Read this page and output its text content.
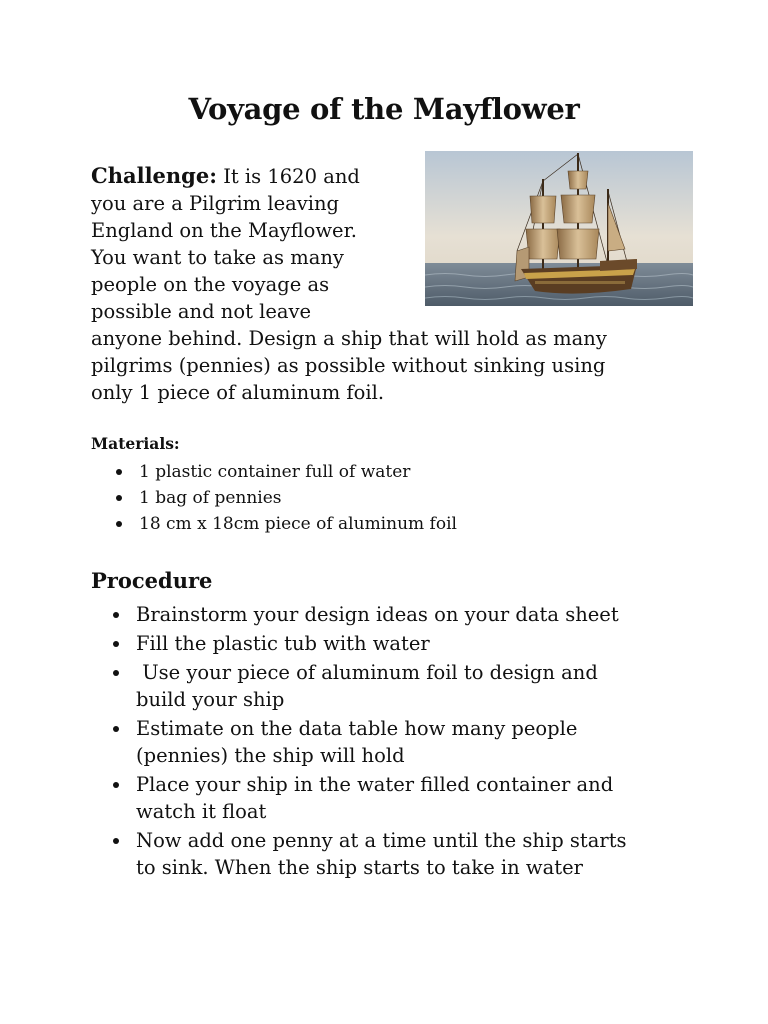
Voyage of the Mayflower
Challenge: It is 1620 and
you are a Pilgrim leaving
England on the Mayflower.
You want to take as many
people on the voyage as
possible and not leave
anyone behind. Design a ship that will hold as many
pilgrims (pennies) as possible without sinking using
only 1 piece of aluminum foil.
Materials:
1 plastic container full of water
1 bag of pennies
18 cm x 18cm piece of aluminum foil
Procedure
Brainstorm your design ideas on your data sheet
Fill the plastic tub with water
Use your piece of aluminum foil to design and
build your ship
Estimate on the data table how many people
(pennies) the ship will hold
Place your ship in the water filled container and
watch it float
Now add one penny at a time until the ship starts
to sink. When the ship starts to take in water
